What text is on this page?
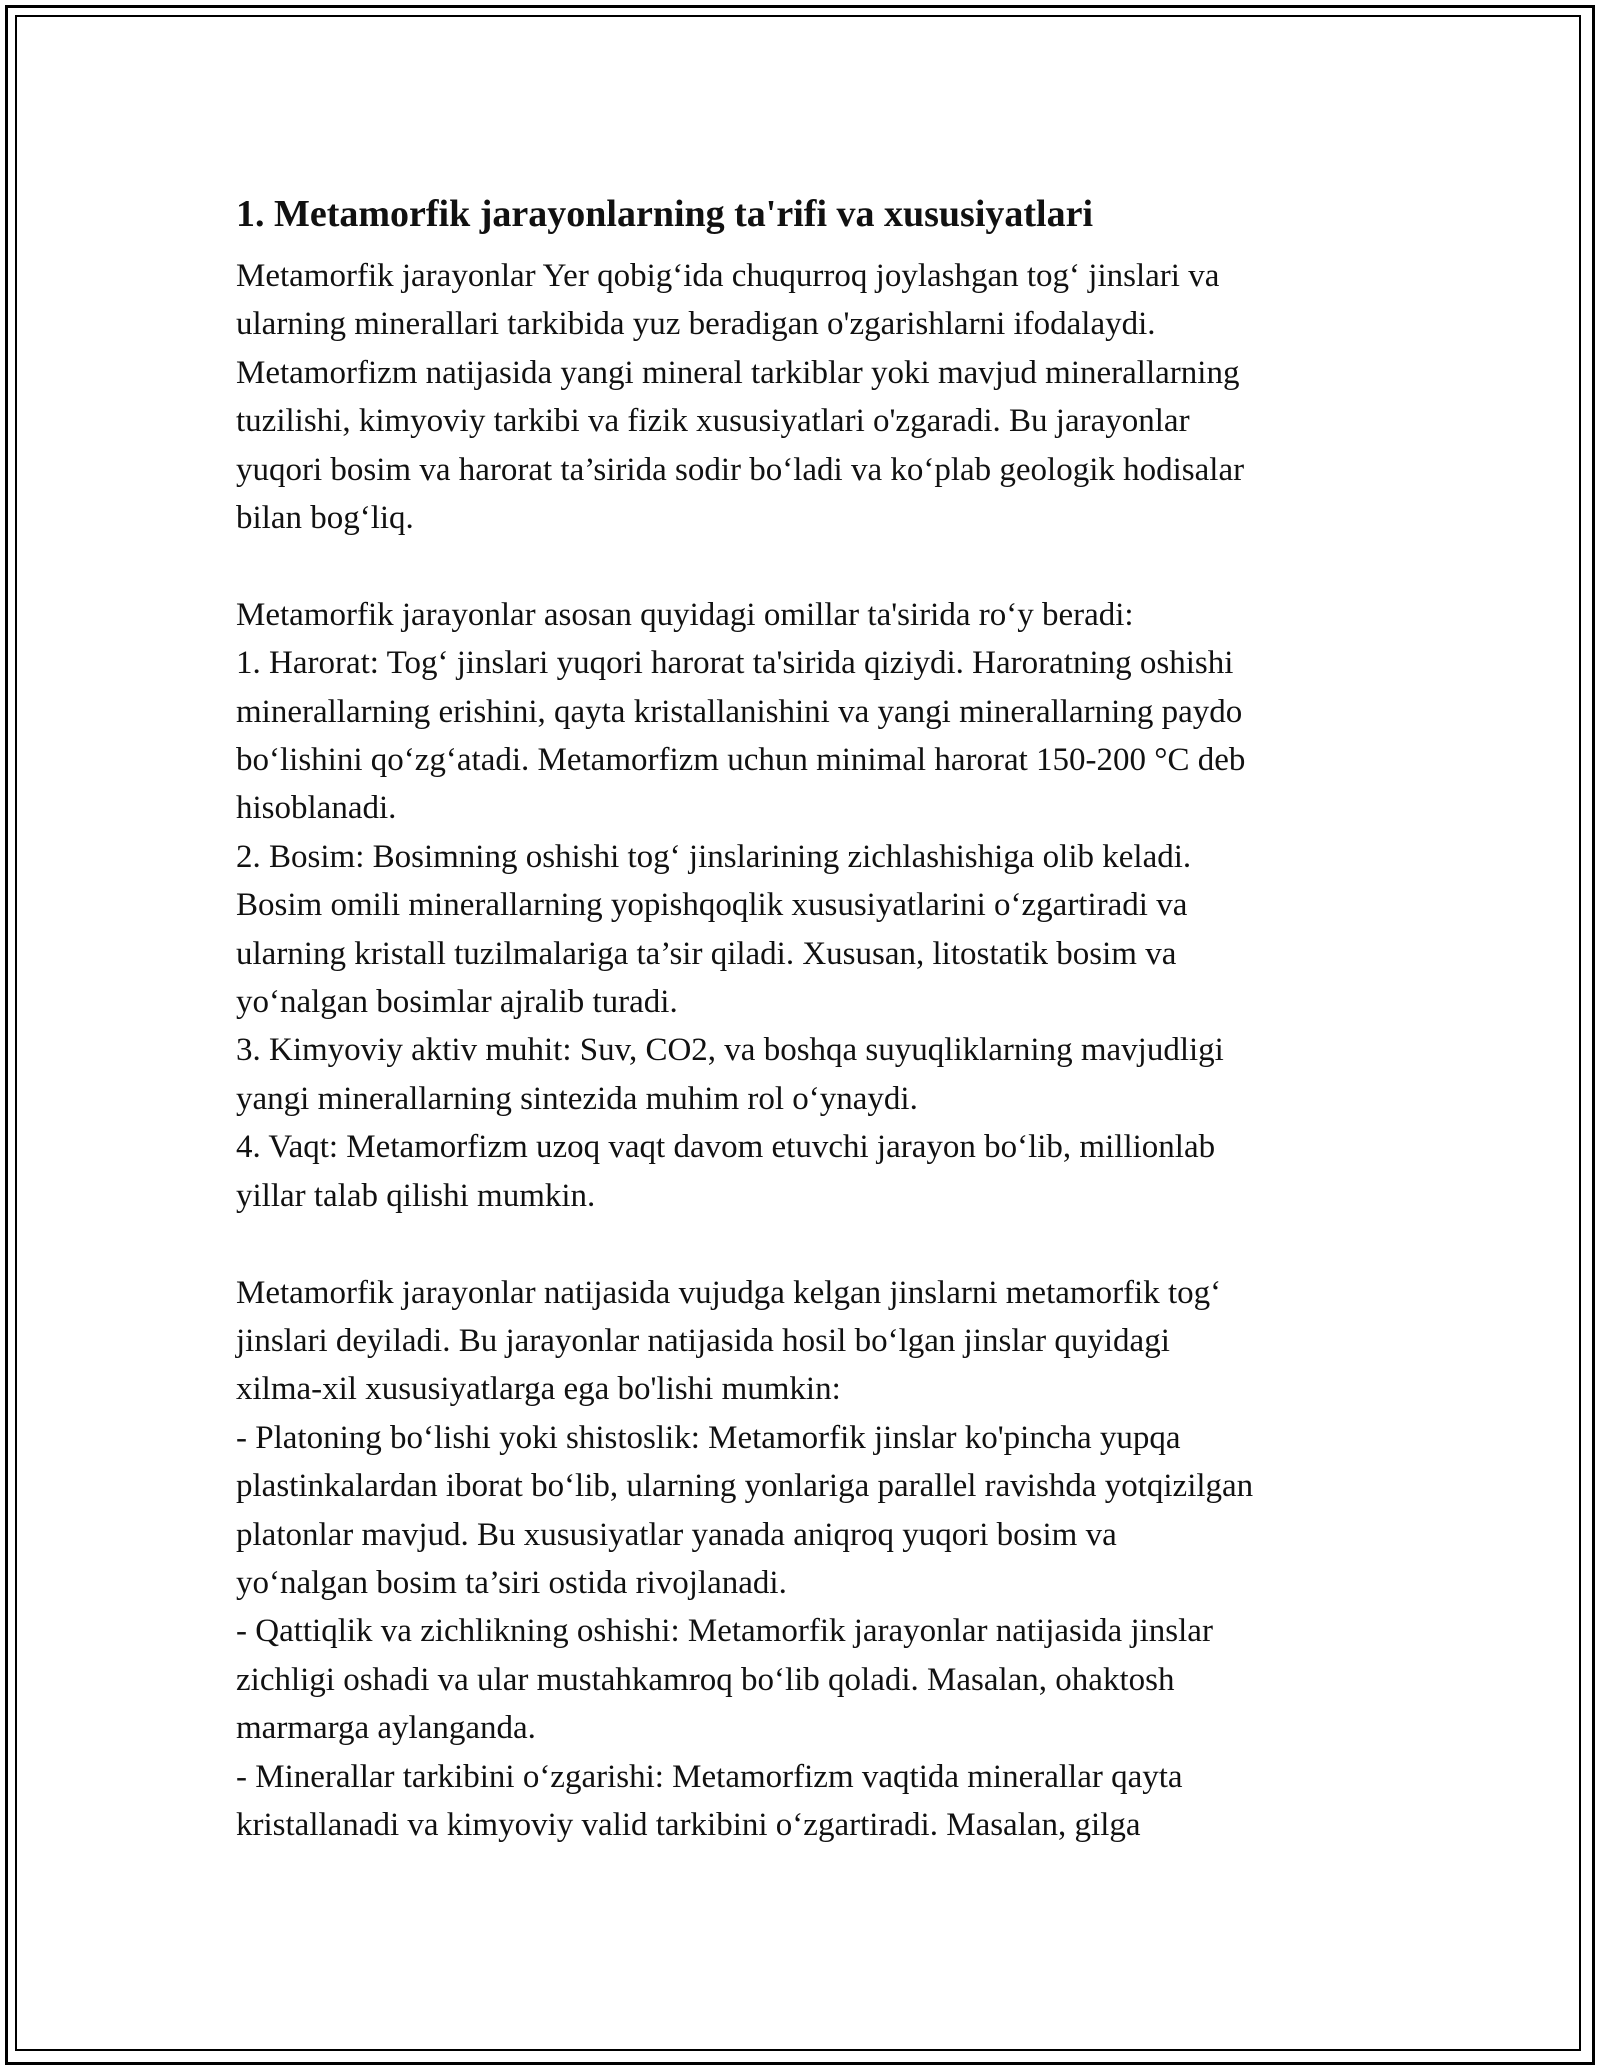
1. Metamorfik jarayonlarning ta'rifi va xususiyatlari

Metamorfik jarayonlar Yer qobig‘ida chuqurroq joylashgan tog‘ jinslari va
ularning minerallari tarkibida yuz beradigan o'zgarishlarni ifodalaydi.
Metamorfizm natijasida yangi mineral tarkiblar yoki mavjud minerallarning
tuzilishi, kimyoviy tarkibi va fizik xususiyatlari o'zgaradi. Bu jarayonlar
yuqori bosim va harorat ta’sirida sodir bo‘ladi va ko‘plab geologik hodisalar
bilan bog‘liq.

Metamorfik jarayonlar asosan quyidagi omillar ta'sirida ro‘y beradi:
1. Harorat: Tog‘ jinslari yuqori harorat ta'sirida qiziydi. Haroratning oshishi
minerallarning erishini, qayta kristallanishini va yangi minerallarning paydo
bo‘lishini qo‘zg‘atadi. Metamorfizm uchun minimal harorat 150-200 °C deb
hisoblanadi.
2. Bosim: Bosimning oshishi tog‘ jinslarining zichlashishiga olib keladi.
Bosim omili minerallarning yopishqoqlik xususiyatlarini o‘zgartiradi va
ularning kristall tuzilmalariga ta’sir qiladi. Xususan, litostatik bosim va
yo‘nalgan bosimlar ajralib turadi.
3. Kimyoviy aktiv muhit: Suv, CO2, va boshqa suyuqliklarning mavjudligi
yangi minerallarning sintezida muhim rol o‘ynaydi.
4. Vaqt: Metamorfizm uzoq vaqt davom etuvchi jarayon bo‘lib, millionlab
yillar talab qilishi mumkin.

Metamorfik jarayonlar natijasida vujudga kelgan jinslarni metamorfik tog‘
jinslari deyiladi. Bu jarayonlar natijasida hosil bo‘lgan jinslar quyidagi
xilma-xil xususiyatlarga ega bo'lishi mumkin:
- Platoning bo‘lishi yoki shistoslik: Metamorfik jinslar ko'pincha yupqa
plastinkalardan iborat bo‘lib, ularning yonlariga parallel ravishda yotqizilgan
platonlar mavjud. Bu xususiyatlar yanada aniqroq yuqori bosim va
yo‘nalgan bosim ta’siri ostida rivojlanadi.
- Qattiqlik va zichlikning oshishi: Metamorfik jarayonlar natijasida jinslar
zichligi oshadi va ular mustahkamroq bo‘lib qoladi. Masalan, ohaktosh
marmarga aylanganda.
- Minerallar tarkibini o‘zgarishi: Metamorfizm vaqtida minerallar qayta
kristallanadi va kimyoviy valid tarkibini o‘zgartiradi. Masalan, gilga
